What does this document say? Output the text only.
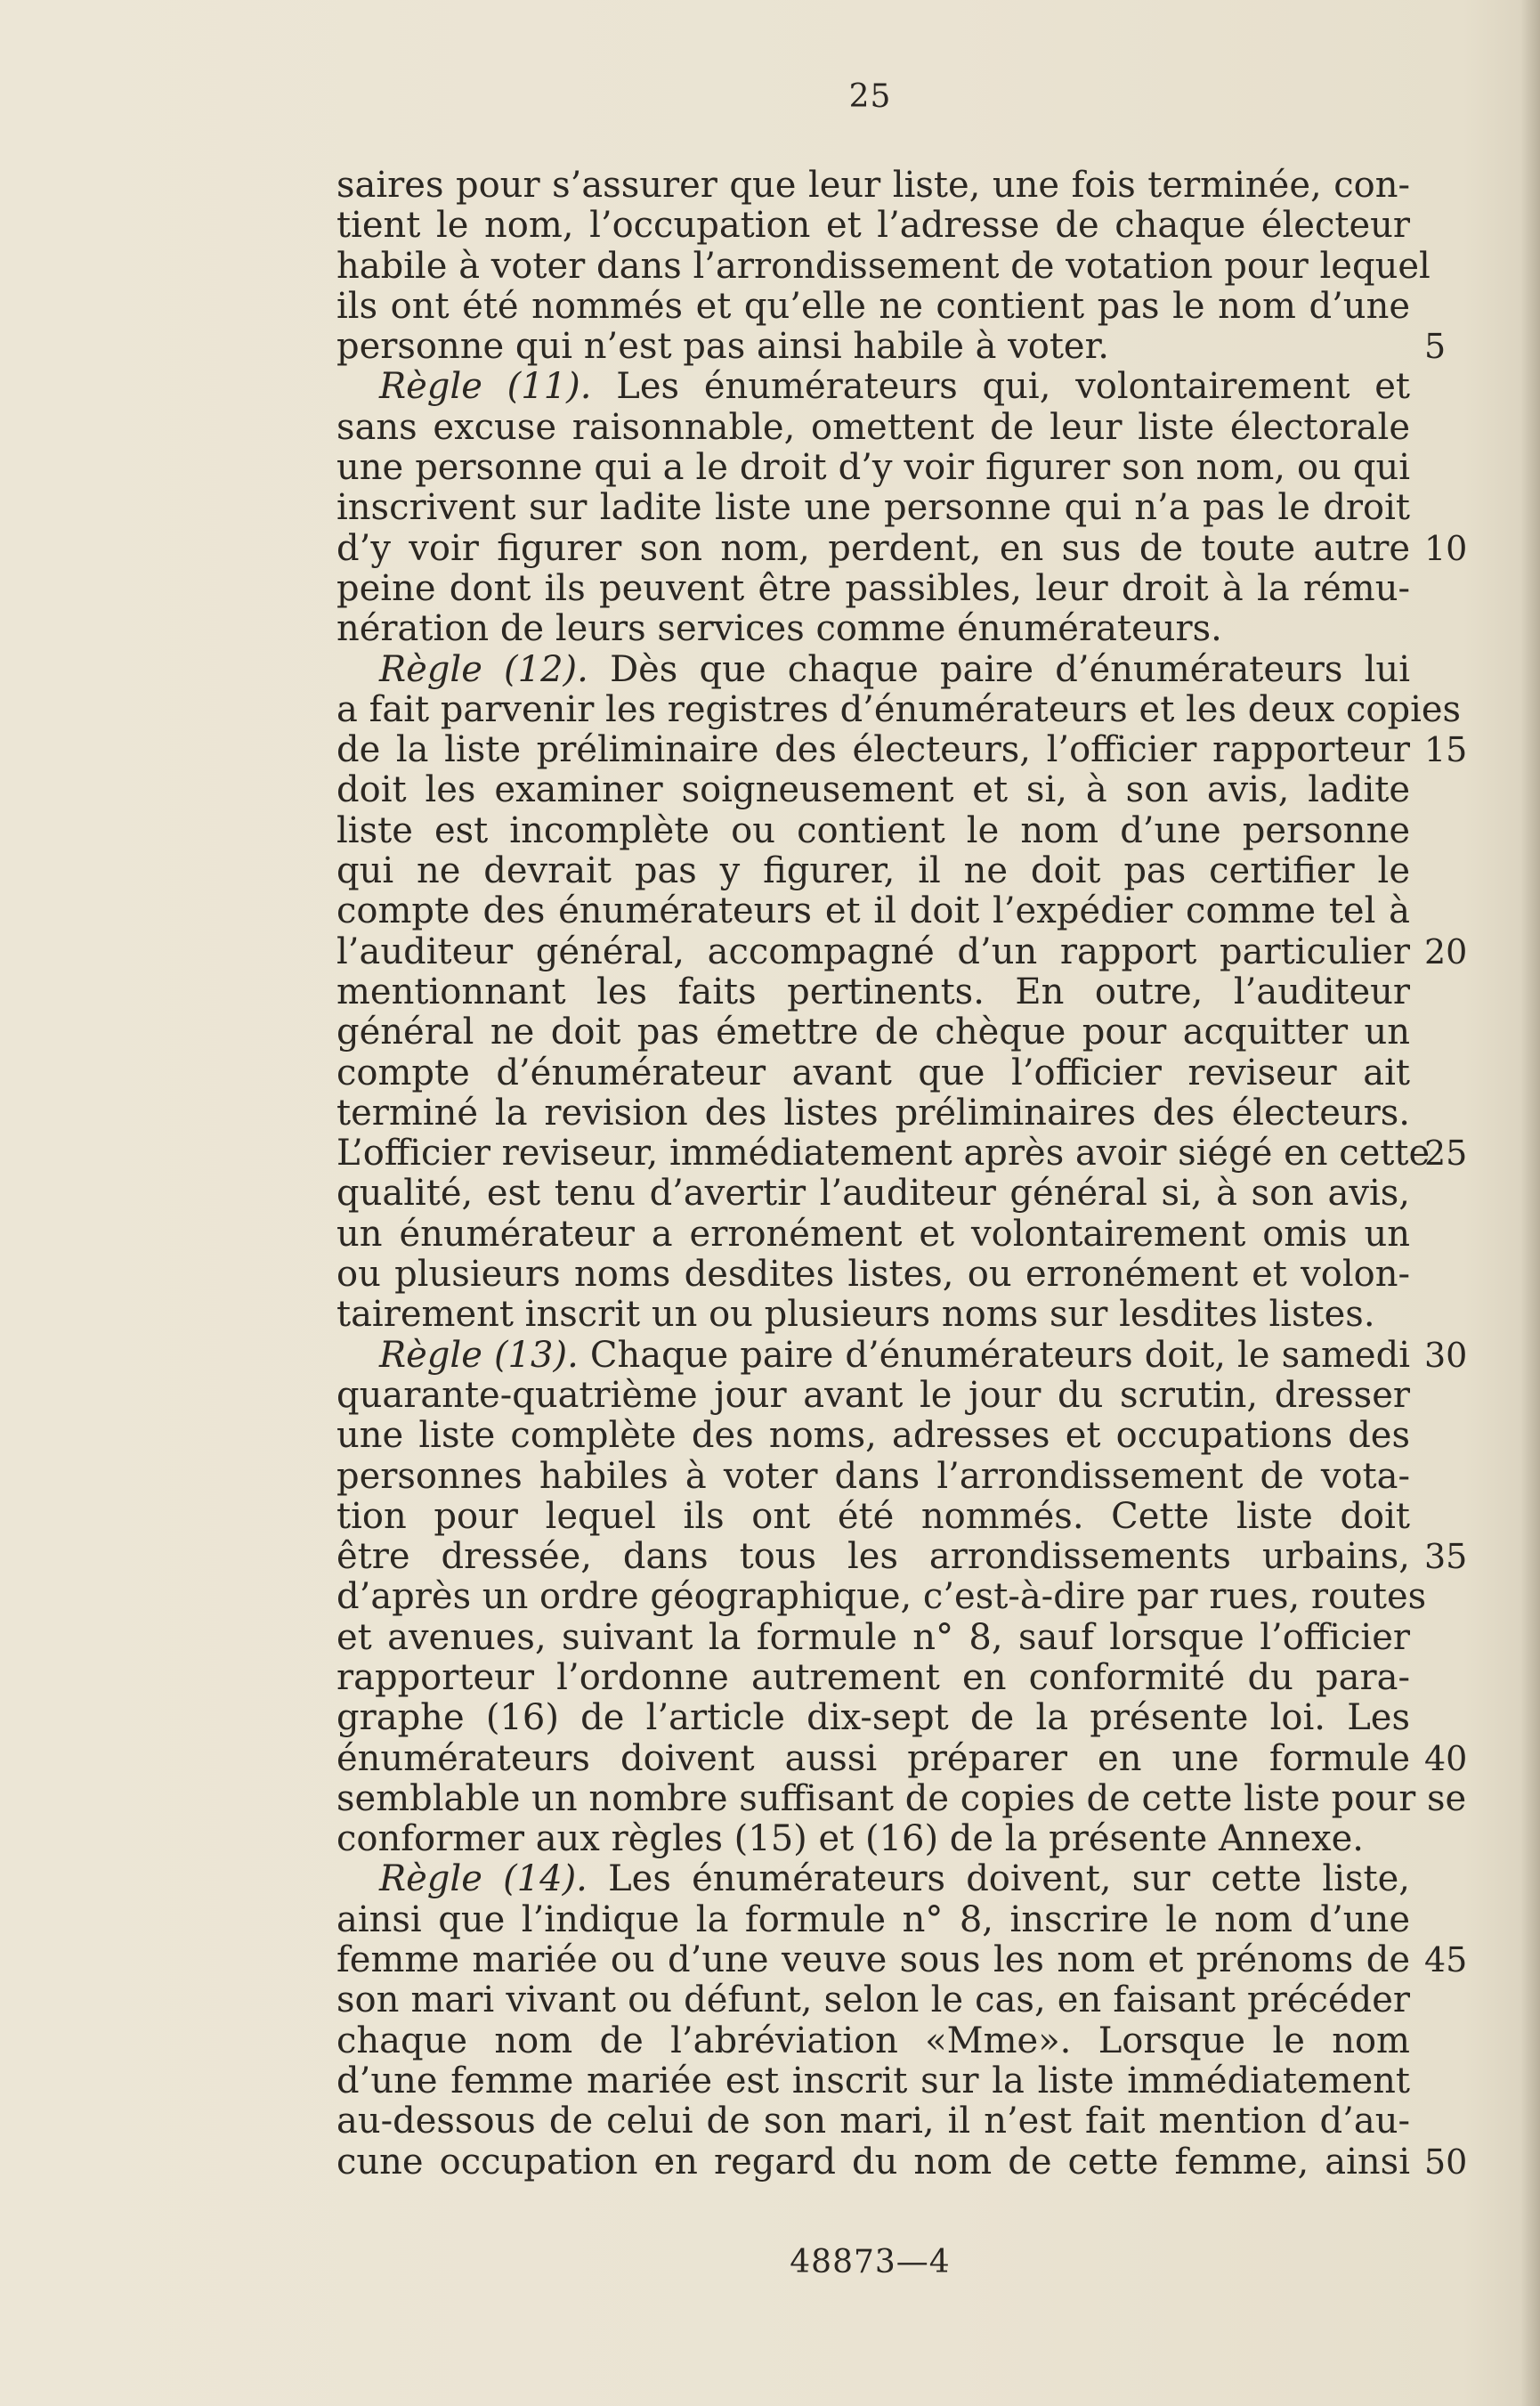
25
saires pour s’assurer que leur liste, une fois terminée, con-
tient le nom, l’occupation et l’adresse de chaque électeur
habile à voter dans l’arrondissement de votation pour lequel
ils ont été nommés et qu’elle ne contient pas le nom d’une
personne qui n’est pas ainsi habile à voter.	5
Règle (11). Les énumérateurs qui, volontairement et
sans excuse raisonnable, omettent de leur liste électorale
une personne qui a le droit d’y voir figurer son nom, ou qui
inscrivent sur ladite liste une personne qui n’a pas le droit
d’y voir figurer son nom, perdent, en sus de toute autre 10
peine dont ils peuvent être passibles, leur droit à la rému-
nération de leurs services comme énumérateurs.
Règle (12). Dès que chaque paire d’énumérateurs lui
a fait parvenir les registres d’énumérateurs et les deux copies
de la liste préliminaire des électeurs, l’officier rapporteur 15
doit les examiner soigneusement et si, à son avis, ladite
liste est incomplète ou contient le nom d’une personne
qui ne devrait pas y figurer, il ne doit pas certifier le
compte des énumérateurs et il doit l’expédier comme tel à
l’auditeur général, accompagné d’un rapport particulier 20
mentionnant les faits pertinents. En outre, l’auditeur
général ne doit pas émettre de chèque pour acquitter un
compte d’énumérateur avant que l’officier reviseur ait
terminé la revision des listes préliminaires des électeurs.
L’officier reviseur, immédiatement après avoir siégé en cette
25
qualité, est tenu d’avertir l’auditeur général si, à son avis,
un énumérateur a erronément et volontairement omis un
ou plusieurs noms desdites listes, ou erronément et volon-
tairement inscrit un ou plusieurs noms sur lesdites listes.
Règle (13). Chaque paire d’énumérateurs doit, le samedi 30
quarante-quatrième jour avant le jour du scrutin, dresser
une liste complète des noms, adresses et occupations des
personnes habiles à voter dans l’arrondissement de vota-
tion pour lequel ils ont été nommés. Cette liste doit
être dressée, dans tous les arrondissements urbains, 35
d’après un ordre géographique, c’est-à-dire par rues, routes
et avenues, suivant la formule n° 8, sauf lorsque l’officier
rapporteur l’ordonne autrement en conformité du para-
graphe (16) de l’article dix-sept de la présente loi. Les
énumérateurs doivent aussi préparer en une formule 40
semblable un nombre suffisant de copies de cette liste pour se
conformer aux règles (15) et (16) de la présente Annexe.
Règle (14). Les énumérateurs doivent, sur cette liste,
ainsi que l’indique la formule n° 8, inscrire le nom d’une
femme mariée ou d’une veuve sous les nom et prénoms de 45
son mari vivant ou défunt, selon le cas, en faisant précéder
chaque nom de l’abréviation «Mme». Lorsque le nom
d’une femme mariée est inscrit sur la liste immédiatement
au-dessous de celui de son mari, il n’est fait mention d’au-
cune occupation en regard du nom de cette femme, ainsi 50
48873—4
